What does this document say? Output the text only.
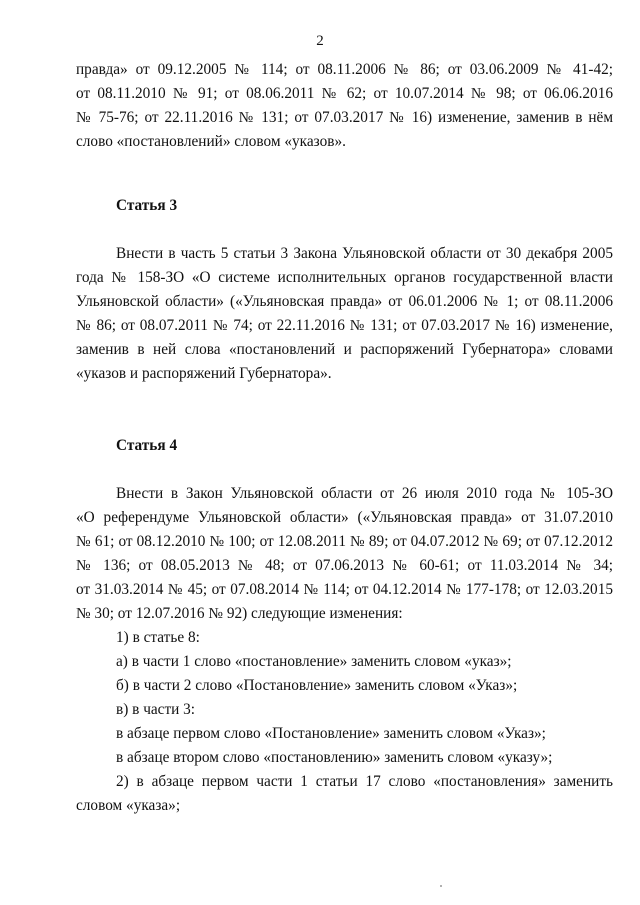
2
правда» от 09.12.2005 № 114; от 08.11.2006 № 86; от 03.06.2009 № 41-42;
от 08.11.2010 № 91; от 08.06.2011 № 62; от 10.07.2014 № 98; от 06.06.2016
№ 75-76; от 22.11.2016 № 131; от 07.03.2017 № 16) изменение, заменив в нём
слово «постановлений» словом «указов».
Статья 3
Внести в часть 5 статьи 3 Закона Ульяновской области от 30 декабря 2005
года № 158-ЗО «О системе исполнительных органов государственной власти
Ульяновской области» («Ульяновская правда» от 06.01.2006 № 1; от 08.11.2006
№ 86; от 08.07.2011 № 74; от 22.11.2016 № 131; от 07.03.2017 № 16) изменение,
заменив в ней слова «постановлений и распоряжений Губернатора» словами
«указов и распоряжений Губернатора».
Статья 4
Внести в Закон Ульяновской области от 26 июля 2010 года № 105-ЗО
«О референдуме Ульяновской области» («Ульяновская правда» от 31.07.2010
№ 61; от 08.12.2010 № 100; от 12.08.2011 № 89; от 04.07.2012 № 69; от 07.12.2012
№ 136; от 08.05.2013 № 48; от 07.06.2013 № 60-61; от 11.03.2014 № 34;
от 31.03.2014 № 45; от 07.08.2014 № 114; от 04.12.2014 № 177-178; от 12.03.2015
№ 30; от 12.07.2016 № 92) следующие изменения:
1) в статье 8:
а) в части 1 слово «постановление» заменить словом «указ»;
б) в части 2 слово «Постановление» заменить словом «Указ»;
в) в части 3:
в абзаце первом слово «Постановление» заменить словом «Указ»;
в абзаце втором слово «постановлению» заменить словом «указу»;
2) в абзаце первом части 1 статьи 17 слово «постановления» заменить
словом «указа»;
